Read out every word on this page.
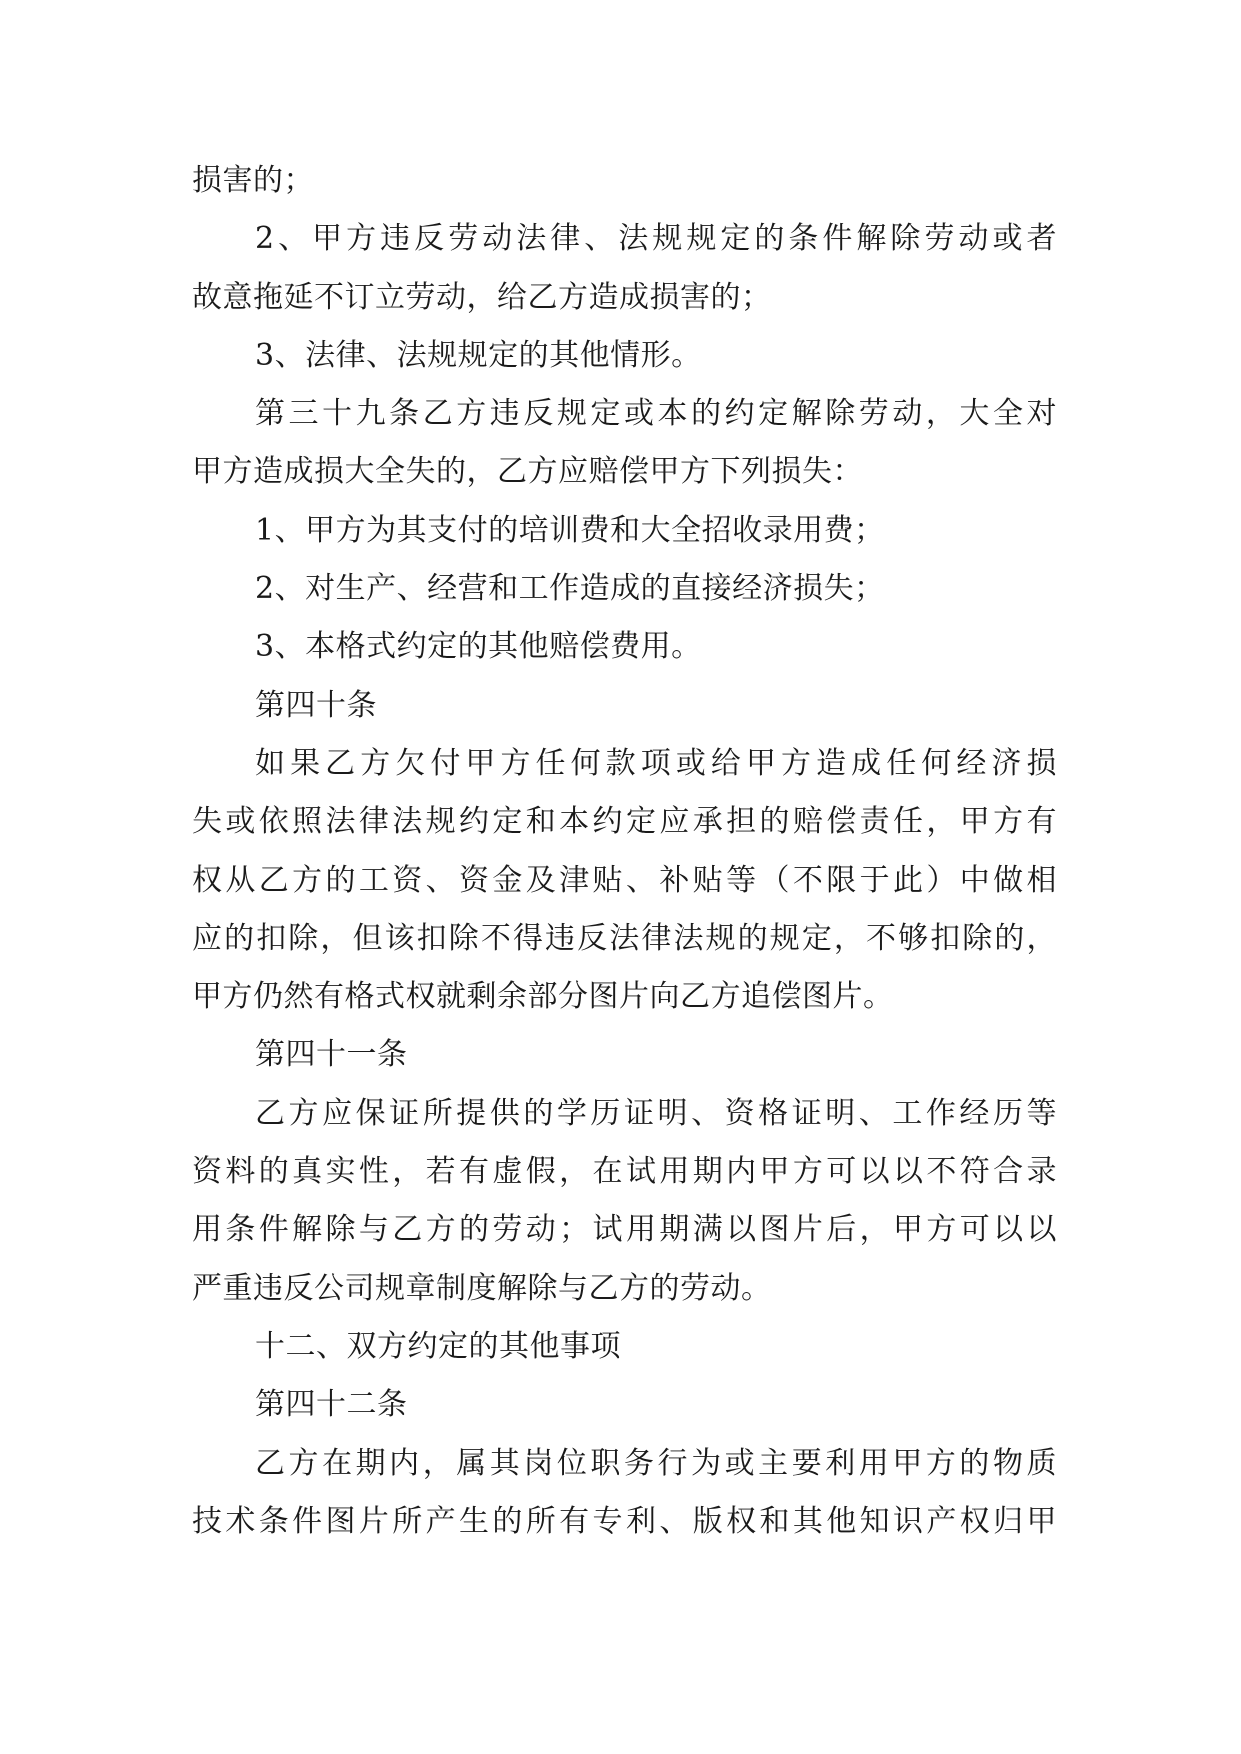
损害的；
2、甲方违反劳动法律、法规规定的条件解除劳动或者
故意拖延不订立劳动，给乙方造成损害的；
3、法律、法规规定的其他情形。
第三十九条乙方违反规定或本的约定解除劳动，大全对
甲方造成损大全失的，乙方应赔偿甲方下列损失：
1、甲方为其支付的培训费和大全招收录用费；
2、对生产、经营和工作造成的直接经济损失；
3、本格式约定的其他赔偿费用。
第四十条
如果乙方欠付甲方任何款项或给甲方造成任何经济损
失或依照法律法规约定和本约定应承担的赔偿责任，甲方有
权从乙方的工资、资金及津贴、补贴等（不限于此）中做相
应的扣除，但该扣除不得违反法律法规的规定，不够扣除的，
甲方仍然有格式权就剩余部分图片向乙方追偿图片。
第四十一条
乙方应保证所提供的学历证明、资格证明、工作经历等
资料的真实性，若有虚假，在试用期内甲方可以以不符合录
用条件解除与乙方的劳动；试用期满以图片后，甲方可以以
严重违反公司规章制度解除与乙方的劳动。
十二、双方约定的其他事项
第四十二条
乙方在期内，属其岗位职务行为或主要利用甲方的物质
技术条件图片所产生的所有专利、版权和其他知识产权归甲
